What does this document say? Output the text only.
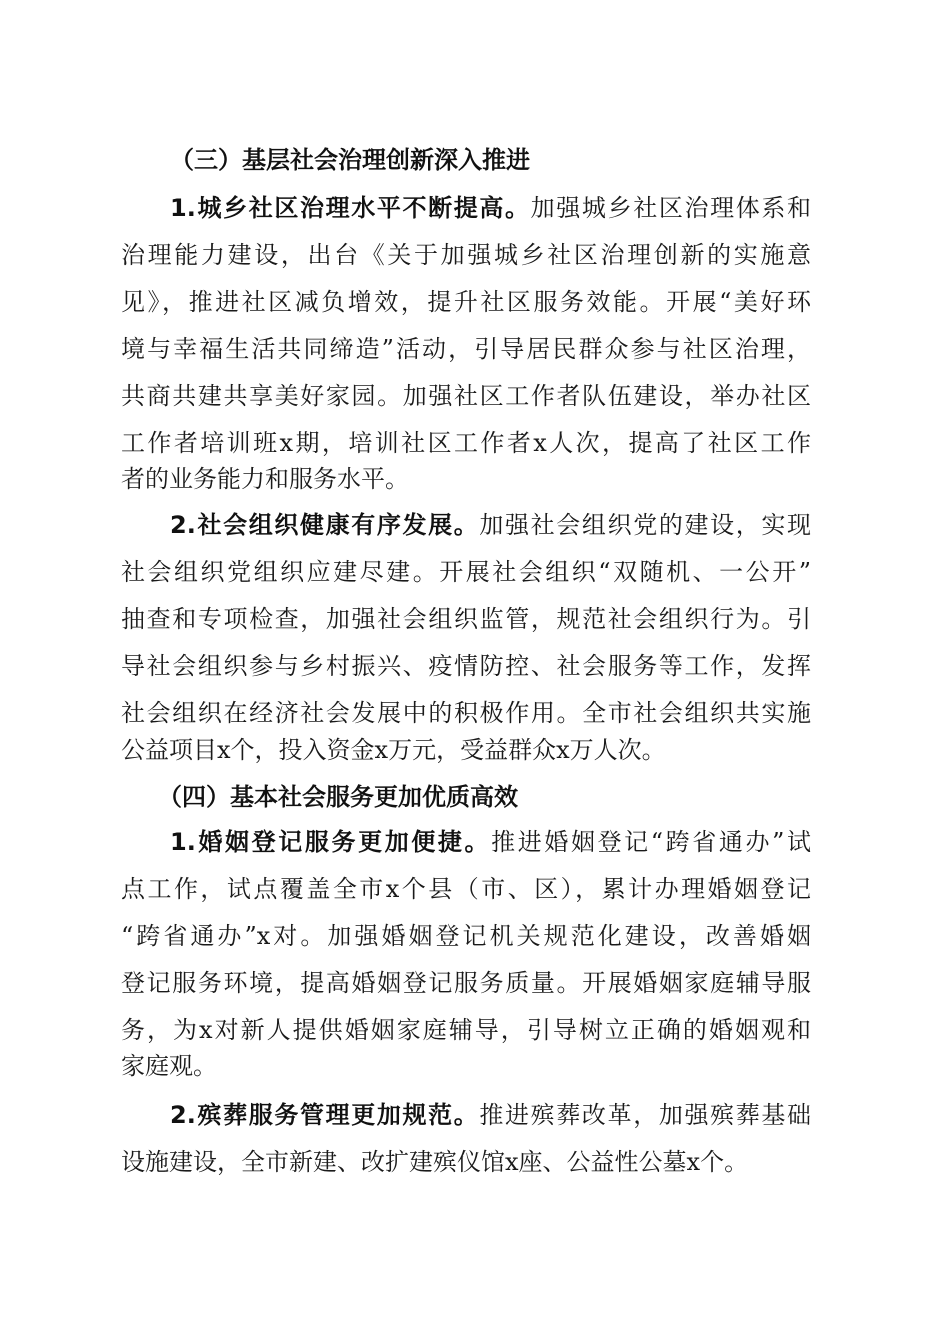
（三）基层社会治理创新深入推进
1.城乡社区治理水平不断提高。加强城乡社区治理体系和
治理能力建设，出台《关于加强城乡社区治理创新的实施意
见》，推进社区减负增效，提升社区服务效能。开展“美好环
境与幸福生活共同缔造”活动，引导居民群众参与社区治理，
共商共建共享美好家园。加强社区工作者队伍建设，举办社区
工作者培训班x期，培训社区工作者x人次，提高了社区工作
者的业务能力和服务水平。
2.社会组织健康有序发展。加强社会组织党的建设，实现
社会组织党组织应建尽建。开展社会组织“双随机、一公开”
抽查和专项检查，加强社会组织监管，规范社会组织行为。引
导社会组织参与乡村振兴、疫情防控、社会服务等工作，发挥
社会组织在经济社会发展中的积极作用。全市社会组织共实施
公益项目x个，投入资金x万元，受益群众x万人次。
（四）基本社会服务更加优质高效
1.婚姻登记服务更加便捷。推进婚姻登记“跨省通办”试
点工作，试点覆盖全市x个县（市、区），累计办理婚姻登记
“跨省通办”x对。加强婚姻登记机关规范化建设，改善婚姻
登记服务环境，提高婚姻登记服务质量。开展婚姻家庭辅导服
务，为x对新人提供婚姻家庭辅导，引导树立正确的婚姻观和
家庭观。
2.殡葬服务管理更加规范。推进殡葬改革，加强殡葬基础
设施建设，全市新建、改扩建殡仪馆x座、公益性公墓x个。
